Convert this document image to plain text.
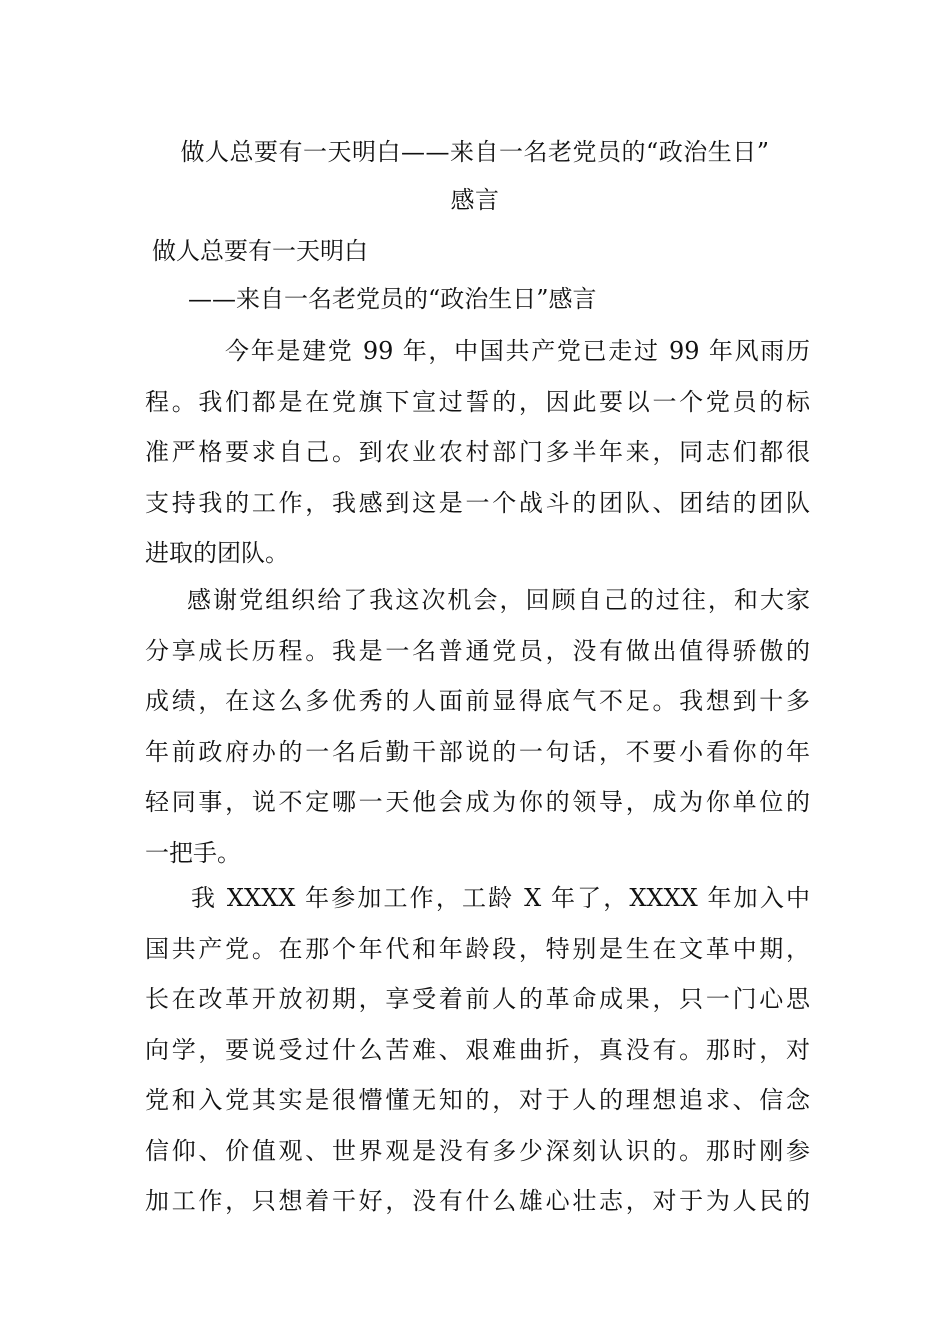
做人总要有一天明白——来自一名老党员的“政治生日”
感言
做人总要有一天明白
——来自一名老党员的“政治生日”感言
今年是建党 99 年，中国共产党已走过 99 年风雨历
程。我们都是在党旗下宣过誓的，因此要以一个党员的标
准严格要求自己。到农业农村部门多半年来，同志们都很
支持我的工作，我感到这是一个战斗的团队、团结的团队
进取的团队。
感谢党组织给了我这次机会，回顾自己的过往，和大家
分享成长历程。我是一名普通党员，没有做出值得骄傲的
成绩，在这么多优秀的人面前显得底气不足。我想到十多
年前政府办的一名后勤干部说的一句话，不要小看你的年
轻同事，说不定哪一天他会成为你的领导，成为你单位的
一把手。
我 XXXX 年参加工作，工龄 X 年了，XXXX 年加入中
国共产党。在那个年代和年龄段，特别是生在文革中期，
长在改革开放初期，享受着前人的革命成果，只一门心思
向学，要说受过什么苦难、艰难曲折，真没有。那时，对
党和入党其实是很懵懂无知的，对于人的理想追求、信念
信仰、价值观、世界观是没有多少深刻认识的。那时刚参
加工作，只想着干好，没有什么雄心壮志，对于为人民的
